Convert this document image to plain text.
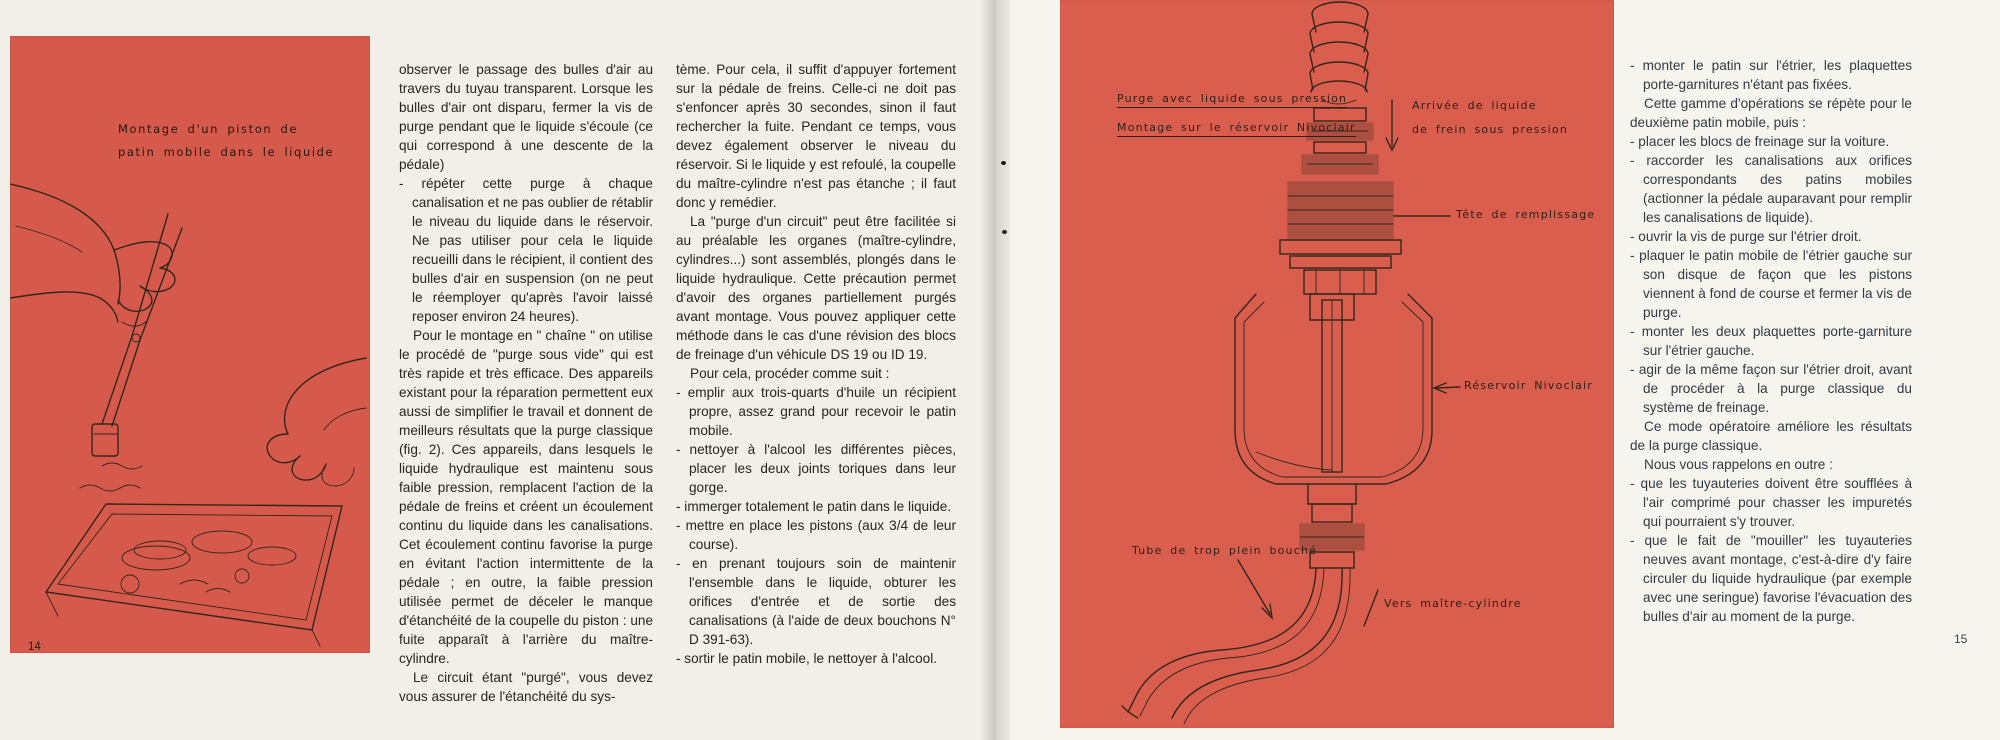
Montage d'un piston de
patin mobile dans le liquide

observer le passage des bulles d'air au travers du tuyau transparent. Lorsque les bulles d'air ont disparu, fermer la vis de purge pendant que le liquide s'écoule (ce qui correspond à une descente de la pédale)

- répéter cette purge à chaque canalisation et ne pas oublier de rétablir le niveau du liquide dans le réservoir. Ne pas utiliser pour cela le liquide recueilli dans le récipient, il contient des bulles d'air en suspension (on ne peut le réemployer qu'après l'avoir laissé reposer environ 24 heures).

Pour le montage en " chaîne " on utilise le procédé de "purge sous vide" qui est très rapide et très efficace. Des appareils existant pour la réparation permettent eux aussi de simplifier le travail et donnent de meilleurs résultats que la purge classique (fig. 2). Ces appareils, dans lesquels le liquide hydraulique est maintenu sous faible pression, remplacent l'action de la pédale de freins et créent un écoulement continu du liquide dans les canalisations. Cet écoulement continu favorise la purge en évitant l'action intermittente de la pédale ; en outre, la faible pression utilisée permet de déceler le manque d'étanchéité de la coupelle du piston : une fuite apparaît à l'arrière du maître-cylindre.

Le circuit étant "purgé", vous devez vous assurer de l'étanchéité du sys-

tème. Pour cela, il suffit d'appuyer fortement sur la pédale de freins. Celle-ci ne doit pas s'enfoncer après 30 secondes, sinon il faut rechercher la fuite. Pendant ce temps, vous devez également observer le niveau du réservoir. Si le liquide y est refoulé, la coupelle du maître-cylindre n'est pas étanche ; il faut donc y remédier.

La "purge d'un circuit" peut être facilitée si au préalable les organes (maître-cylindre, cylindres...) sont assemblés, plongés dans le liquide hydraulique. Cette précaution permet d'avoir des organes partiellement purgés avant montage. Vous pouvez appliquer cette méthode dans le cas d'une révision des blocs de freinage d'un véhicule DS 19 ou ID 19.

Pour cela, procéder comme suit :

- emplir aux trois-quarts d'huile un récipient propre, assez grand pour recevoir le patin mobile.

- nettoyer à l'alcool les différentes pièces, placer les deux joints toriques dans leur gorge.

- immerger totalement le patin dans le liquide.

- mettre en place les pistons (aux 3/4 de leur course).

- en prenant toujours soin de maintenir l'ensemble dans le liquide, obturer les orifices d'entrée et de sortie des canalisations (à l'aide de deux bouchons N° D 391-63).

- sortir le patin mobile, le nettoyer à l'alcool.

14
Purge avec liquide sous pression
Montage sur le réservoir Nivoclair
Arrivée de liquide
de frein sous pression
Tête de remplissage
Réservoir Nivoclair
Tube de trop plein bouché
Vers maître-cylindre

- monter le patin sur l'étrier, les plaquettes porte-garnitures n'étant pas fixées.

Cette gamme d'opérations se répète pour le deuxième patin mobile, puis :

- placer les blocs de freinage sur la voiture.

- raccorder les canalisations aux orifices correspondants des patins mobiles (actionner la pédale auparavant pour remplir les canalisations de liquide).

- ouvrir la vis de purge sur l'étrier droit.

- plaquer le patin mobile de l'étrier gauche sur son disque de façon que les pistons viennent à fond de course et fermer la vis de purge.

- monter les deux plaquettes porte-garniture sur l'étrier gauche.

- agir de la même façon sur l'étrier droit, avant de procéder à la purge classique du système de freinage.

Ce mode opératoire améliore les résultats de la purge classique.

Nous vous rappelons en outre :

- que les tuyauteries doivent être soufflées à l'air comprimé pour chasser les impuretés qui pourraient s'y trouver.

- que le fait de "mouiller" les tuyauteries neuves avant montage, c'est-à-dire d'y faire circuler du liquide hydraulique (par exemple avec une seringue) favorise l'évacuation des bulles d'air au moment de la purge.

15
